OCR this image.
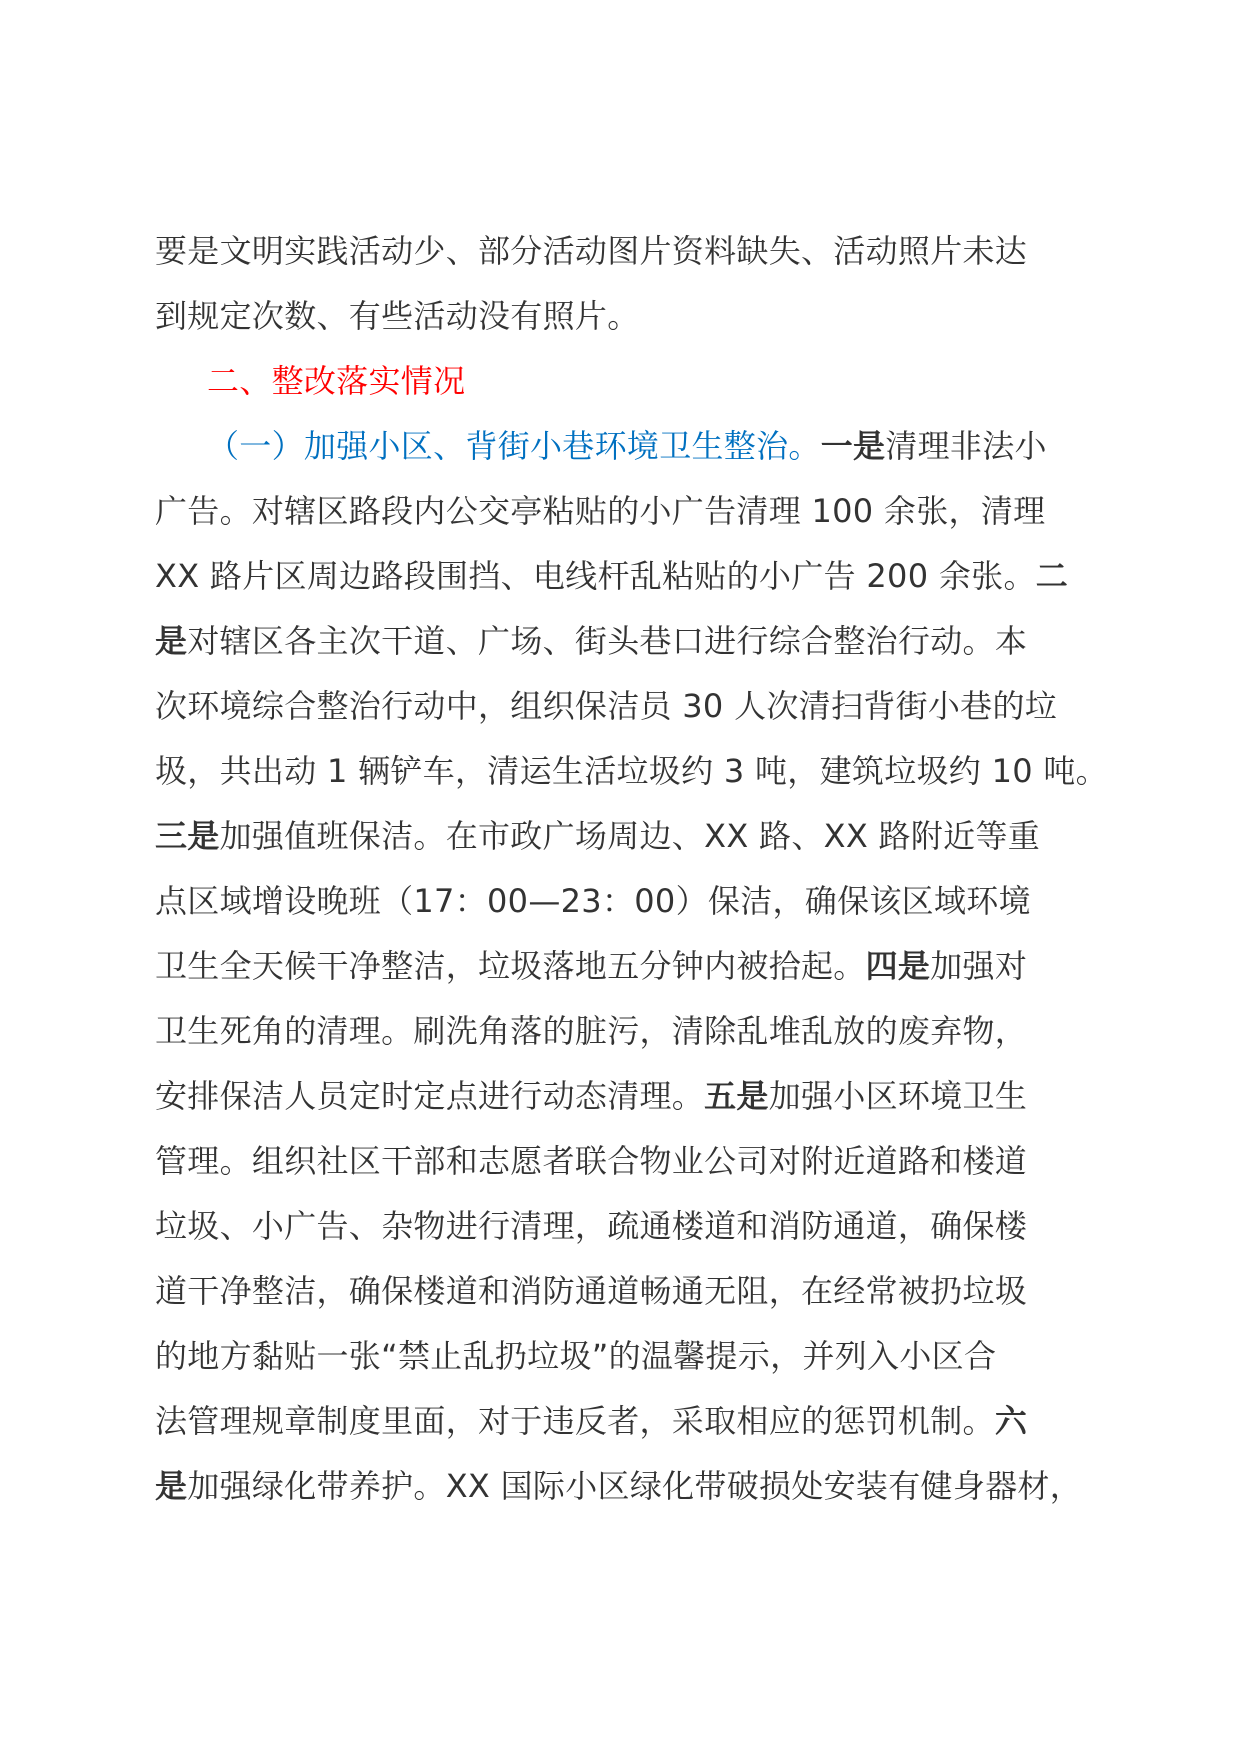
要是文明实践活动少、部分活动图片资料缺失、活动照片未达
到规定次数、有些活动没有照片。
二、整改落实情况
（一）加强小区、背街小巷环境卫生整治。一是清理非法小
广告。对辖区路段内公交亭粘贴的小广告清理 100 余张，清理
XX 路片区周边路段围挡、电线杆乱粘贴的小广告 200 余张。二
是对辖区各主次干道、广场、街头巷口进行综合整治行动。本
次环境综合整治行动中，组织保洁员 30 人次清扫背街小巷的垃
圾，共出动 1 辆铲车，清运生活垃圾约 3 吨，建筑垃圾约 10 吨。
三是加强值班保洁。在市政广场周边、XX 路、XX 路附近等重
点区域增设晚班（17：00—23：00）保洁，确保该区域环境
卫生全天候干净整洁，垃圾落地五分钟内被拾起。四是加强对
卫生死角的清理。刷洗角落的脏污，清除乱堆乱放的废弃物，
安排保洁人员定时定点进行动态清理。五是加强小区环境卫生
管理。组织社区干部和志愿者联合物业公司对附近道路和楼道
垃圾、小广告、杂物进行清理，疏通楼道和消防通道，确保楼
道干净整洁，确保楼道和消防通道畅通无阻，在经常被扔垃圾
的地方黏贴一张“禁止乱扔垃圾”的温馨提示，并列入小区合
法管理规章制度里面，对于违反者，采取相应的惩罚机制。六
是加强绿化带养护。XX 国际小区绿化带破损处安装有健身器材，
